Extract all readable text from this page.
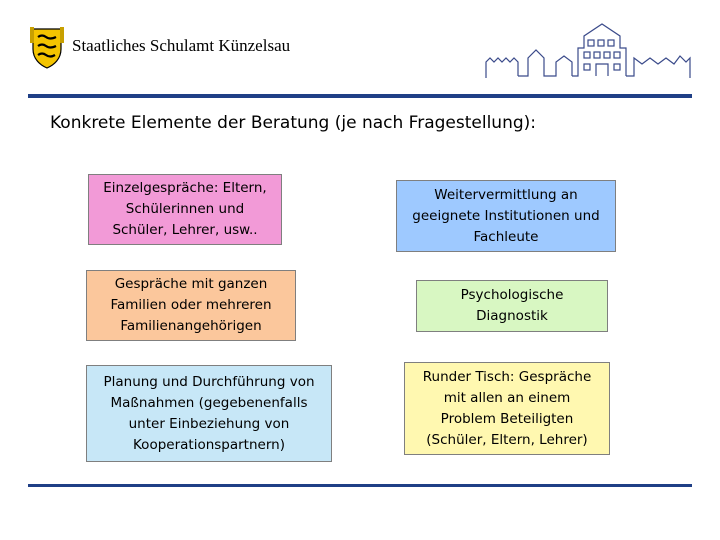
Staatliches Schulamt Künzelsau
Konkrete Elemente der Beratung (je nach Fragestellung):
Einzelgespräche: Eltern,
Schülerinnen und
Schüler, Lehrer, usw..
Weitervermittlung an
geeignete Institutionen und
Fachleute
Gespräche mit ganzen
Familien oder mehreren
Familienangehörigen
Psychologische
Diagnostik
Planung und Durchführung von
Maßnahmen (gegebenenfalls
unter Einbeziehung von
Kooperationspartnern)
Runder Tisch: Gespräche
mit allen an einem
Problem Beteiligten
(Schüler, Eltern, Lehrer)
